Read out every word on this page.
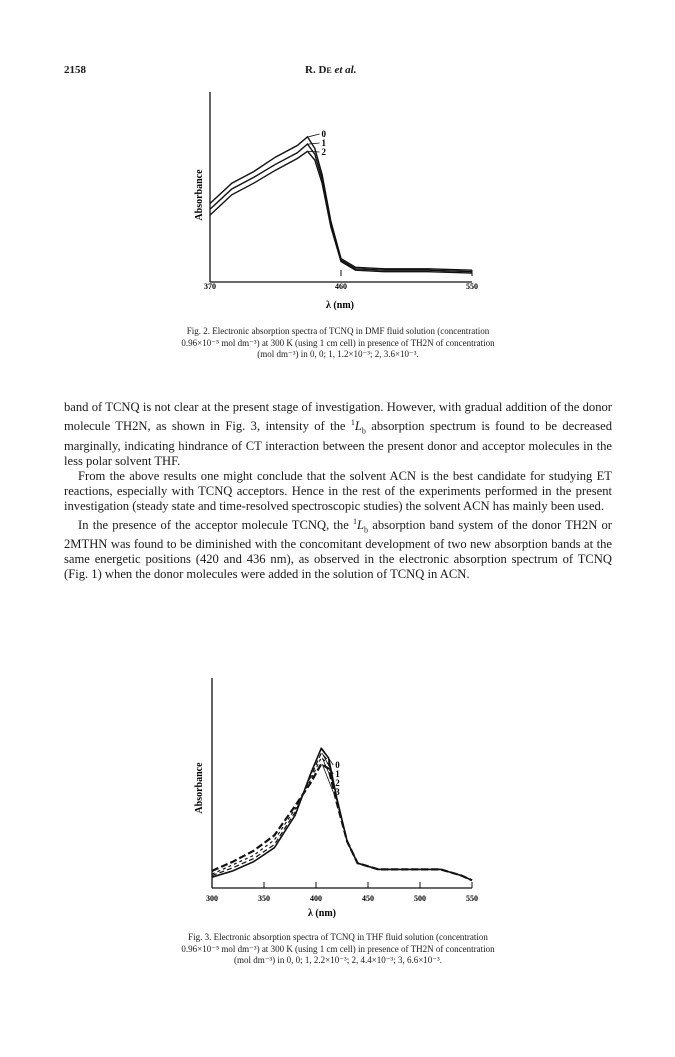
2158	R. De et al.
370	460	550
0
1
2
Absorbance
λ (nm)
Fig. 2. Electronic absorption spectra of TCNQ in DMF fluid solution (concentration
0.96×10⁻⁵ mol dm⁻³) at 300 K (using 1 cm cell) in presence of TH2N of concentration
(mol dm⁻³) in 0, 0; 1, 1.2×10⁻³; 2, 3.6×10⁻³.

band of TCNQ is not clear at the present stage of investigation. However, with gradual addition of the donor molecule TH2N, as shown in Fig. 3, intensity of the $^1L_b$ absorption spectrum is found to be decreased marginally, indicating hindrance of CT interaction between the present donor and acceptor molecules in the less polar solvent THF.

From the above results one might conclude that the solvent ACN is the best candidate for studying ET reactions, especially with TCNQ acceptors. Hence in the rest of the experiments performed in the present investigation (steady state and time-resolved spectroscopic studies) the solvent ACN has mainly been used.

In the presence of the acceptor molecule TCNQ, the $^1L_b$ absorption band system of the donor TH2N or 2MTHN was found to be diminished with the concomitant development of two new absorption bands at the same energetic positions (420 and 436 nm), as observed in the electronic absorption spectrum of TCNQ (Fig. 1) when the donor molecules were added in the solution of TCNQ in ACN.

300	350	400	450	500	550
0
1
2
3
Absorbance
λ (nm)
Fig. 3. Electronic absorption spectra of TCNQ in THF fluid solution (concentration
0.96×10⁻⁵ mol dm⁻³) at 300 K (using 1 cm cell) in presence of TH2N of concentration
(mol dm⁻³) in 0, 0; 1, 2.2×10⁻³; 2, 4.4×10⁻³; 3, 6.6×10⁻³.
